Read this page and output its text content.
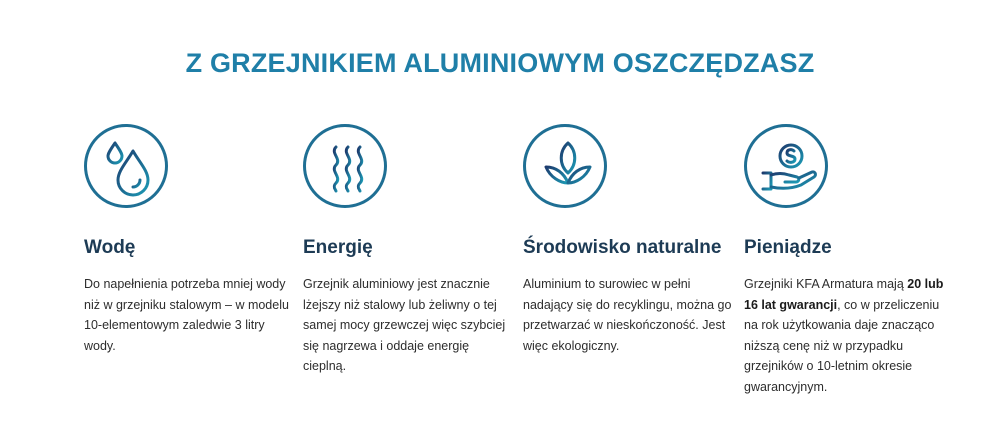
Z GRZEJNIKIEM ALUMINIOWYM OSZCZĘDZASZ
Wodę

Do napełnienia potrzeba mniej wody niż w grzejniku stalowym – w modelu 10-elementowym zaledwie 3 litry wody.

Energię

Grzejnik aluminiowy jest znacznie lżejszy niż stalowy lub żeliwny o tej samej mocy grzewczej więc szybciej się nagrzewa i oddaje energię cieplną.

Środowisko naturalne

Aluminium to surowiec w pełni nadający się do recyklingu, można go przetwarzać w nieskończoność. Jest więc ekologiczny.

Pieniądze

Grzejniki KFA Armatura mają 20 lub 16 lat gwarancji, co w przeliczeniu na rok użytkowania daje znacząco niższą cenę niż w przypadku grzejników o 10-letnim okresie gwarancyjnym.
